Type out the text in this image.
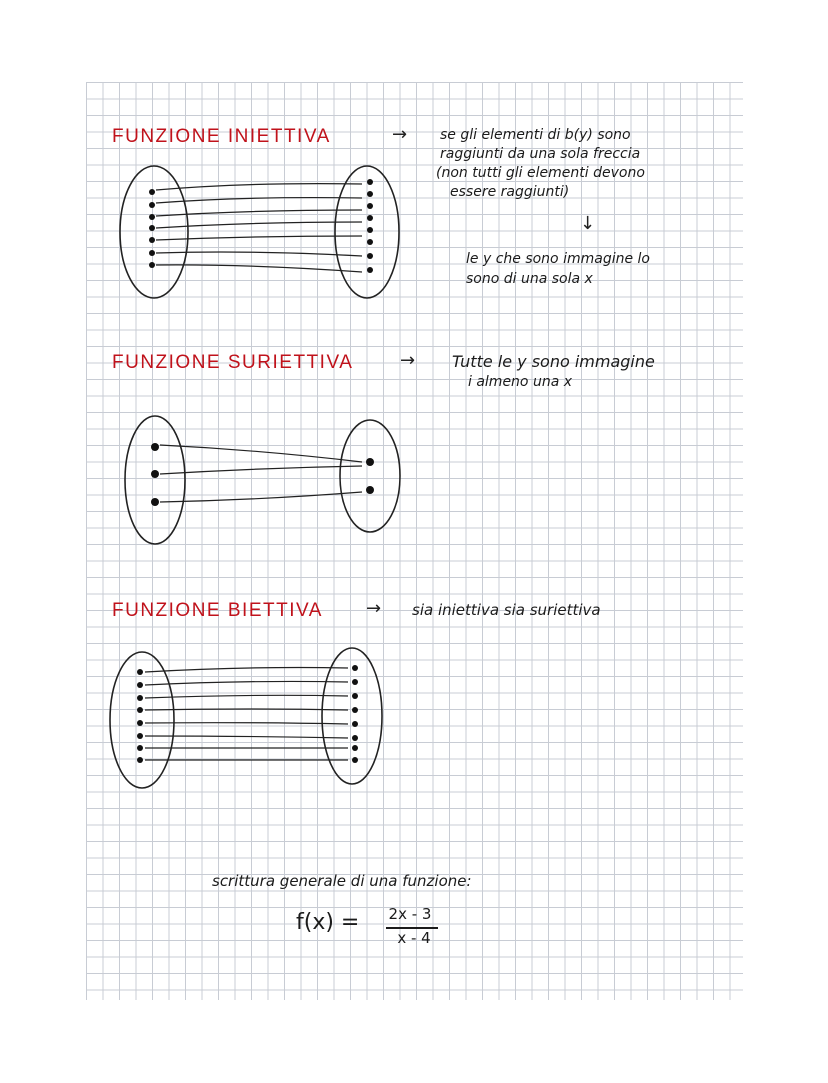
FUNZIONE INIETTIVA	→ se gli elementi di b(y) sono
raggiunti da una sola freccia
(non tutti gli elementi devono
essere raggiunti)
↓
le y che sono immagine lo
sono di una sola x
FUNZIONE SURIETTIVA	→ Tutte le y sono immagine
i almeno una x
FUNZIONE BIETTIVA → sia iniettiva sia suriettiva
scrittura generale di una funzione:
f(x) =	2x - 3
x - 4
